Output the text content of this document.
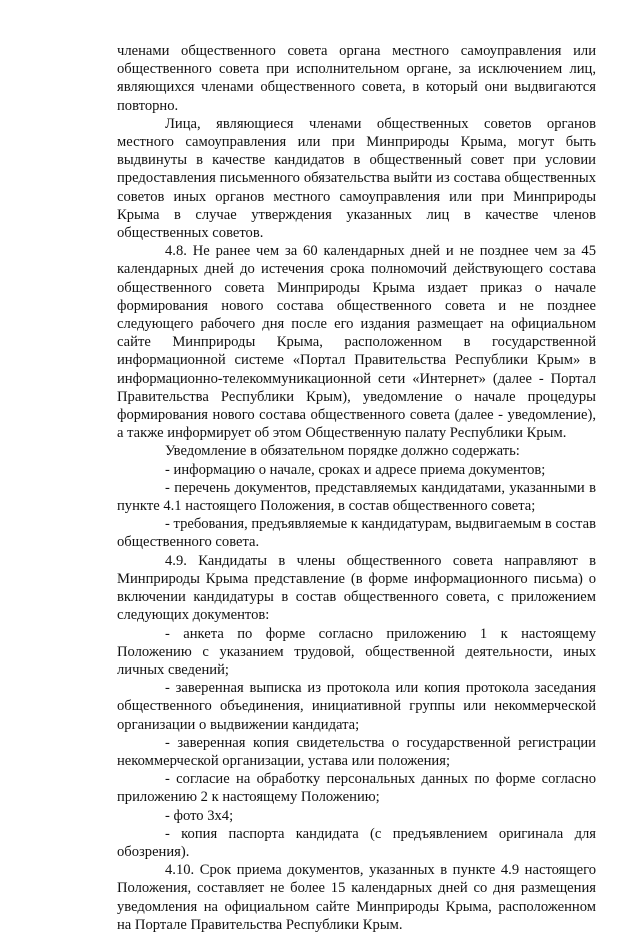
членами общественного совета органа местного самоуправления или общественного совета при исполнительном органе, за исключением лиц, являющихся членами общественного совета, в который они выдвигаются повторно.

Лица, являющиеся членами общественных советов органов местного самоуправления или при Минприроды Крыма, могут быть выдвинуты в качестве кандидатов в общественный совет при условии предоставления письменного обязательства выйти из состава общественных советов иных органов местного самоуправления или при Минприроды Крыма в случае утверждения указанных лиц в качестве членов общественных советов.

4.8. Не ранее чем за 60 календарных дней и не позднее чем за 45 календарных дней до истечения срока полномочий действующего состава общественного совета Минприроды Крыма издает приказ о начале формирования нового состава общественного совета и не позднее следующего рабочего дня после его издания размещает на официальном сайте Минприроды Крыма, расположенном в государственной информационной системе «Портал Правительства Республики Крым» в информационно-телекоммуникационной сети «Интернет» (далее - Портал Правительства Республики Крым), уведомление о начале процедуры формирования нового состава общественного совета (далее - уведомление), а также информирует об этом Общественную палату Республики Крым.

Уведомление в обязательном порядке должно содержать:

- информацию о начале, сроках и адресе приема документов;

- перечень документов, представляемых кандидатами, указанными в пункте 4.1 настоящего Положения, в состав общественного совета;

- требования, предъявляемые к кандидатурам, выдвигаемым в состав общественного совета.

4.9. Кандидаты в члены общественного совета направляют в Минприроды Крыма представление (в форме информационного письма) о включении кандидатуры в состав общественного совета, с приложением следующих документов:

- анкета по форме согласно приложению 1 к настоящему Положению с указанием трудовой, общественной деятельности, иных личных сведений;

- заверенная выписка из протокола или копия протокола заседания общественного объединения, инициативной группы или некоммерческой организации о выдвижении кандидата;

- заверенная копия свидетельства о государственной регистрации некоммерческой организации, устава или положения;

- согласие на обработку персональных данных по форме согласно приложению 2 к настоящему Положению;

- фото 3х4;

- копия паспорта кандидата (с предъявлением оригинала для обозрения).

4.10. Срок приема документов, указанных в пункте 4.9 настоящего Положения, составляет не более 15 календарных дней со дня размещения уведомления на официальном сайте Минприроды Крыма, расположенном на Портале Правительства Республики Крым.
